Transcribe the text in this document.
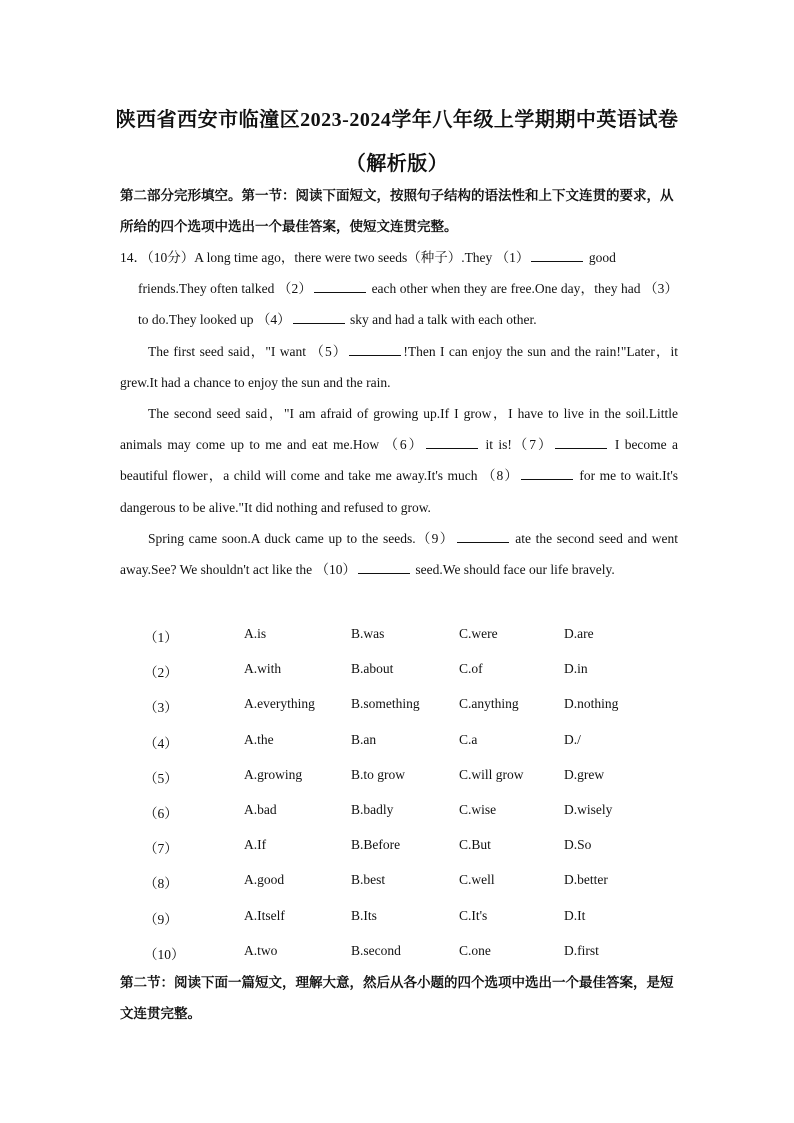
陕西省西安市临潼区2023-2024学年八年级上学期期中英语试卷
（解析版）
第二部分完形填空。第一节：阅读下面短文，按照句子结构的语法性和上下文连贯的要求，从所给的四个选项中选出一个最佳答案，使短文连贯完整。
14．（10分）A long time ago，there were two seeds（种子）.They （1）	good
friends.They often talked （2）	each other when they are free.One day，they had （3） to do.They looked up （4）	sky and had a talk with each other.
The first seed said，"I want （5）	!Then I can enjoy the sun and the rain!"Later，it grew.It had a chance to enjoy the sun and the rain.
The second seed said，"I am afraid of growing up.If I grow，I have to live in the soil.Little animals may come up to me and eat me.How （6）	it is!（7）	I become a beautiful flower，a child will come and take me away.It's much （8）	for me to wait.It's dangerous to be alive."It did nothing and refused to grow.
Spring came soon.A duck came up to the seeds.（9）	ate the second seed and went away.See? We shouldn't act like the （10）	seed.We should face our life bravely.
（1）	A.is	B.was	C.were	D.are
（2）	A.with	B.about	C.of	D.in
（3）	A.everything	B.something	C.anything	D.nothing
（4）	A.the	B.an	C.a	D./
（5）	A.growing	B.to grow	C.will grow	D.grew
（6）	A.bad	B.badly	C.wise	D.wisely
（7）	A.If	B.Before	C.But	D.So
（8）	A.good	B.best	C.well	D.better
（9）	A.Itself	B.Its	C.It's	D.It
（10）	A.two	B.second	C.one	D.first
第二节：阅读下面一篇短文，理解大意，然后从各小题的四个选项中选出一个最佳答案，是短文连贯完整。
